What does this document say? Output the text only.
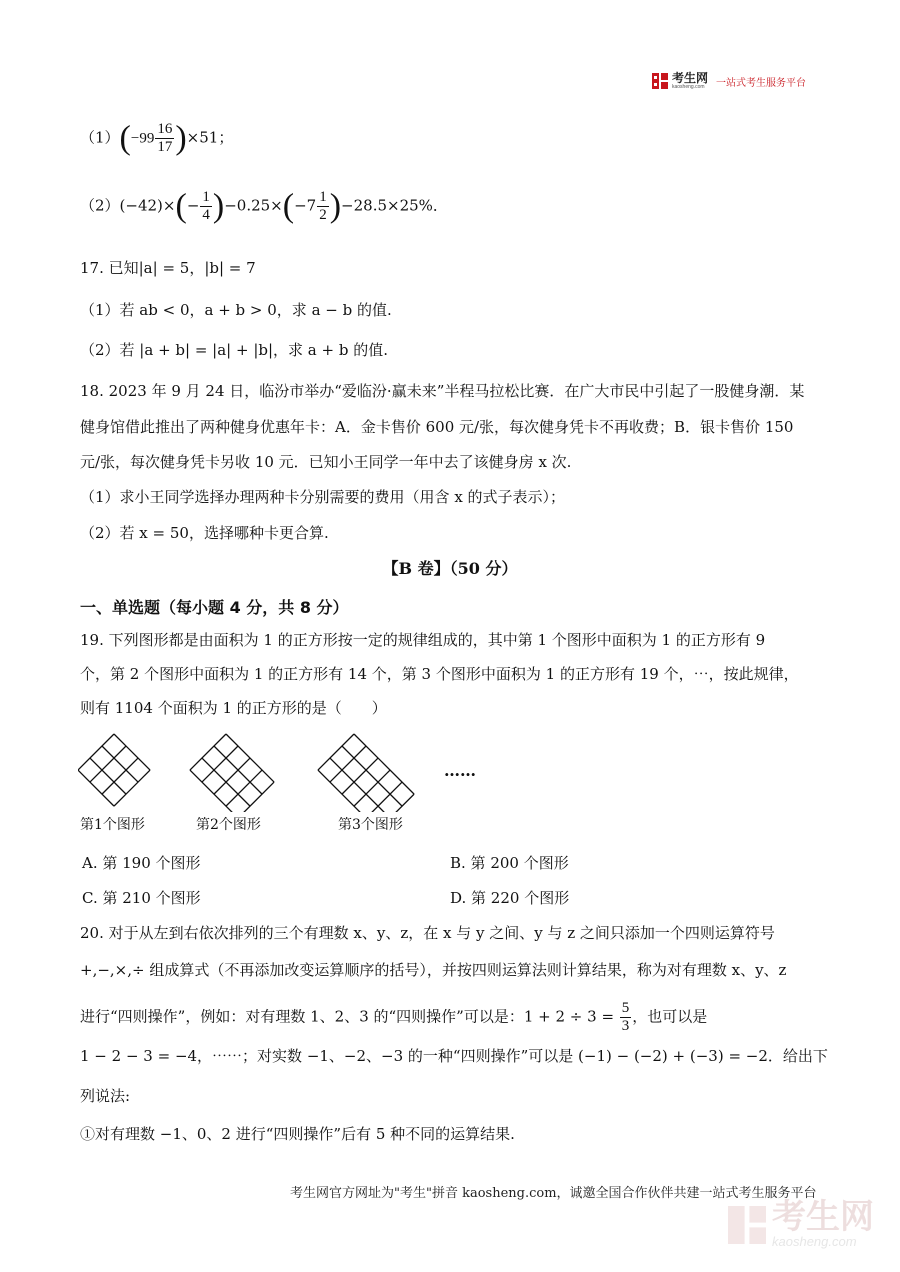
考生网
kaosheng.com	一站式考生服务平台
$(1)(-99 \frac{16}{17} )\times 51$；
$(2)(-42)\times(- \frac{1}{4} )-0.25\times(-7 \frac{1}{2} )-28.5\times 25\%$．
17. 已知|a| = 5，|b| = 7
（1）若 ab < 0，a + b > 0，求 a − b 的值.
（2）若 |a + b| = |a| + |b|，求 a + b 的值.
18. 2023 年 9 月 24 日，临汾市举办“爱临汾·赢未来”半程马拉松比赛．在广大市民中引起了一股健身潮．某
健身馆借此推出了两种健身优惠年卡：A．金卡售价 600 元/张，每次健身凭卡不再收费；B．银卡售价 150
元/张，每次健身凭卡另收 10 元．已知小王同学一年中去了该健身房 x 次.
（1）求小王同学选择办理两种卡分别需要的费用（用含 x 的式子表示）；
（2）若 x = 50，选择哪种卡更合算.
【B 卷】（50 分）
一、单选题（每小题 4 分，共 8 分）
19. 下列图形都是由面积为 1 的正方形按一定的规律组成的，其中第 1 个图形中面积为 1 的正方形有 9
个，第 2 个图形中面积为 1 的正方形有 14 个，第 3 个图形中面积为 1 的正方形有 19 个，⋯，按此规律，
则有 1104 个面积为 1 的正方形的是（　　）
……
第1个图形	第2个图形	第3个图形
A. 第 190 个图形	B. 第 200 个图形
C. 第 210 个图形	D. 第 220 个图形
20. 对于从左到右依次排列的三个有理数 x、y、z，在 x 与 y 之间、y 与 z 之间只添加一个四则运算符号
+,−,×,÷ 组成算式（不再添加改变运算顺序的括号），并按四则运算法则计算结果，称为对有理数 x、y、z
进行“四则操作”，例如：对有理数 1、2、3 的“四则操作”可以是：$1 + 2 \div 3 = \frac{5}{3}$ ，也可以是
1 − 2 − 3 = −4，⋯⋯；对实数 −1、−2、−3 的一种“四则操作”可以是 (−1) − (−2) + (−3) = −2．给出下
列说法:
①对有理数 −1、0、2 进行“四则操作”后有 5 种不同的运算结果.
考生网官方网址为"考生"拼音 kaosheng.com，诚邀全国合作伙伴共建一站式考生服务平台
考生网
kaosheng.com
